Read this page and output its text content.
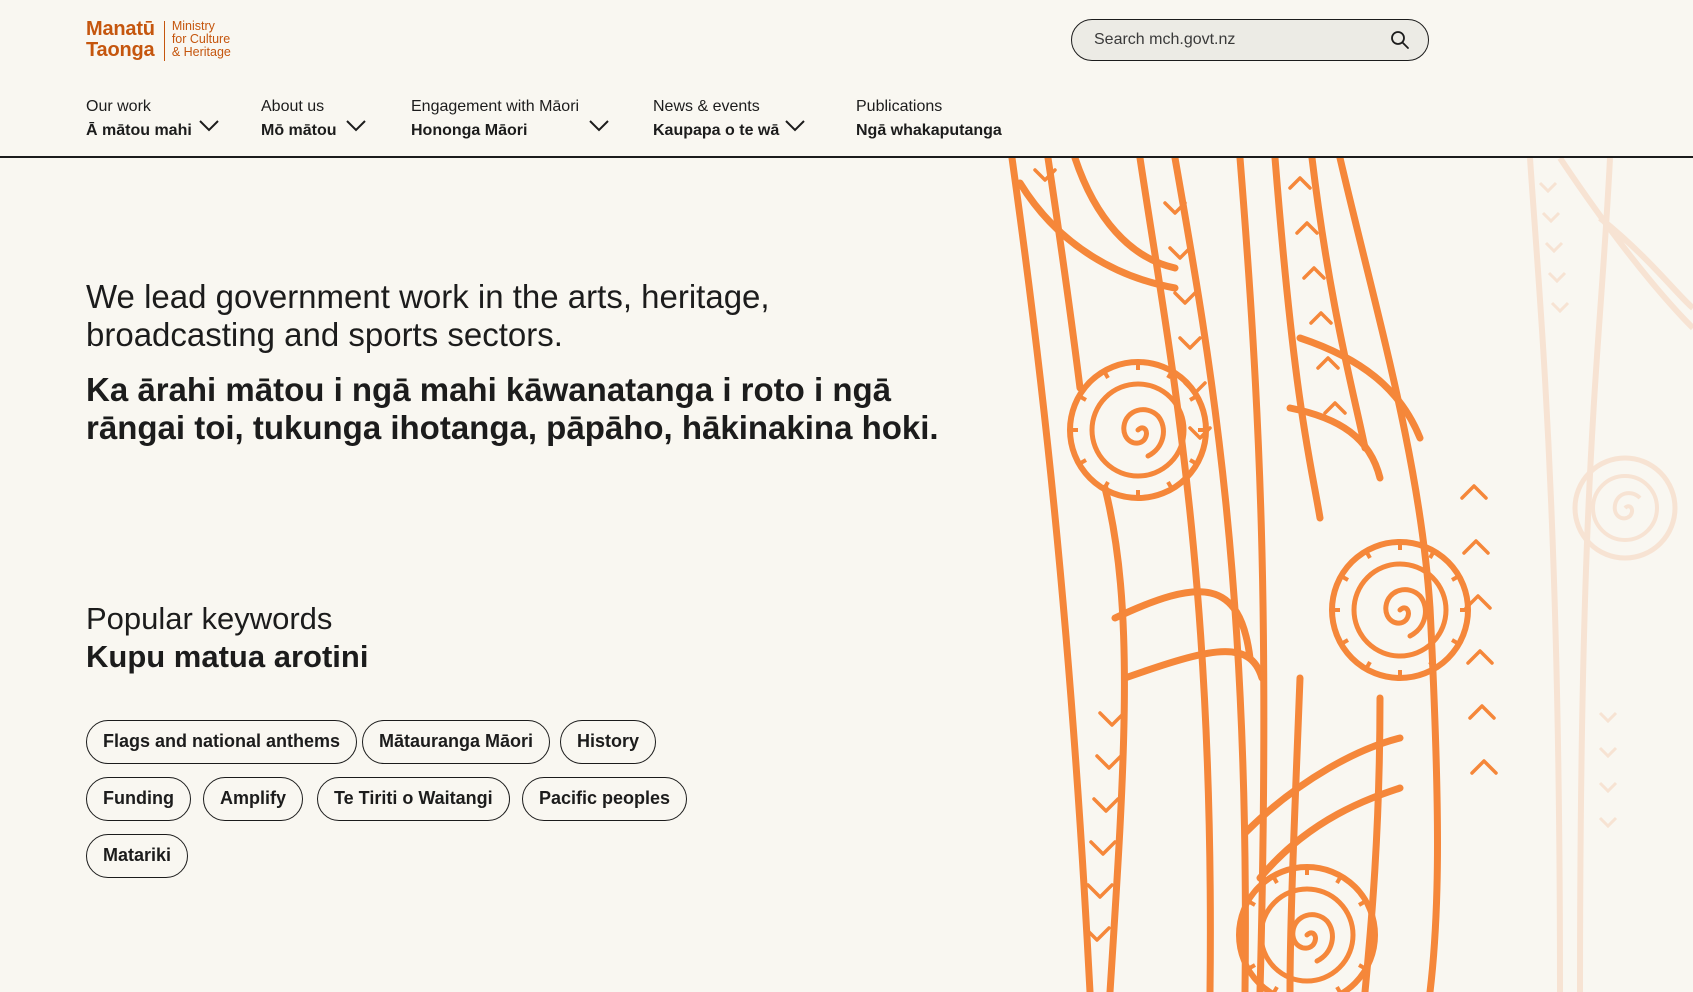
Manatū
Taonga
Ministry
for Culture
& Heritage
Search mch.govt.nz
Our work
Ā mātou mahi
About us
Mō mātou
Engagement with Māori
Hononga Māori
News & events
Kaupapa o te wā
Publications
Ngā whakaputanga
We lead government work in the arts, heritage, broadcasting and sports sectors.
Ka ārahi mātou i ngā mahi kāwanatanga i roto i ngā rāngai toi, tukunga ihotanga, pāpāho, hākinakina hoki.
Popular keywords
Kupu matua arotini
Flags and national anthems	Mātauranga Māori	History
Funding	Amplify	Te Tiriti o Waitangi	Pacific peoples
Matariki
